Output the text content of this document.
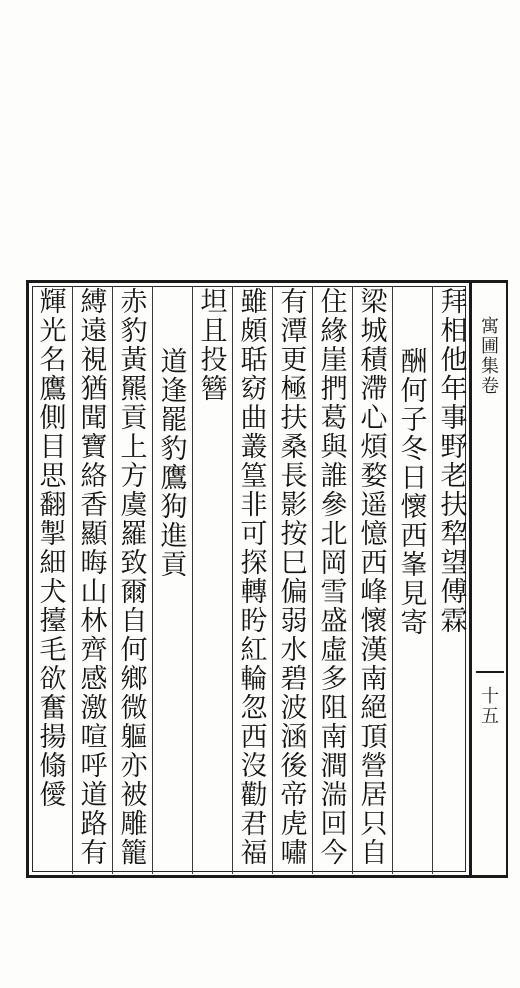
寓圃集卷
十五
拜相他年事野老扶犂望傅霖
酬何子冬日懷西峯見寄
梁城積滯心煩婺遥憶西峰懷漢南絕頂營居只自
住緣崖捫葛與誰參北岡雪盛虛多阻南澗湍回今
有潭更極扶桑長影按巳偏弱水碧波涵後帝虎嘯
雖頗聒窈曲叢篁非可探轉盻紅輪忽西沒勸君福
坦且投簪
道逢罷豹鷹狗進貢
赤豹黃羆貢上方虞羅致爾自何鄉微軀亦被雕籠
縛遠視猶聞寶絡香顯晦山林齊感激喧呼道路有
輝光名鷹側目思翻掣細犬擡毛欲奮揚翛僾
